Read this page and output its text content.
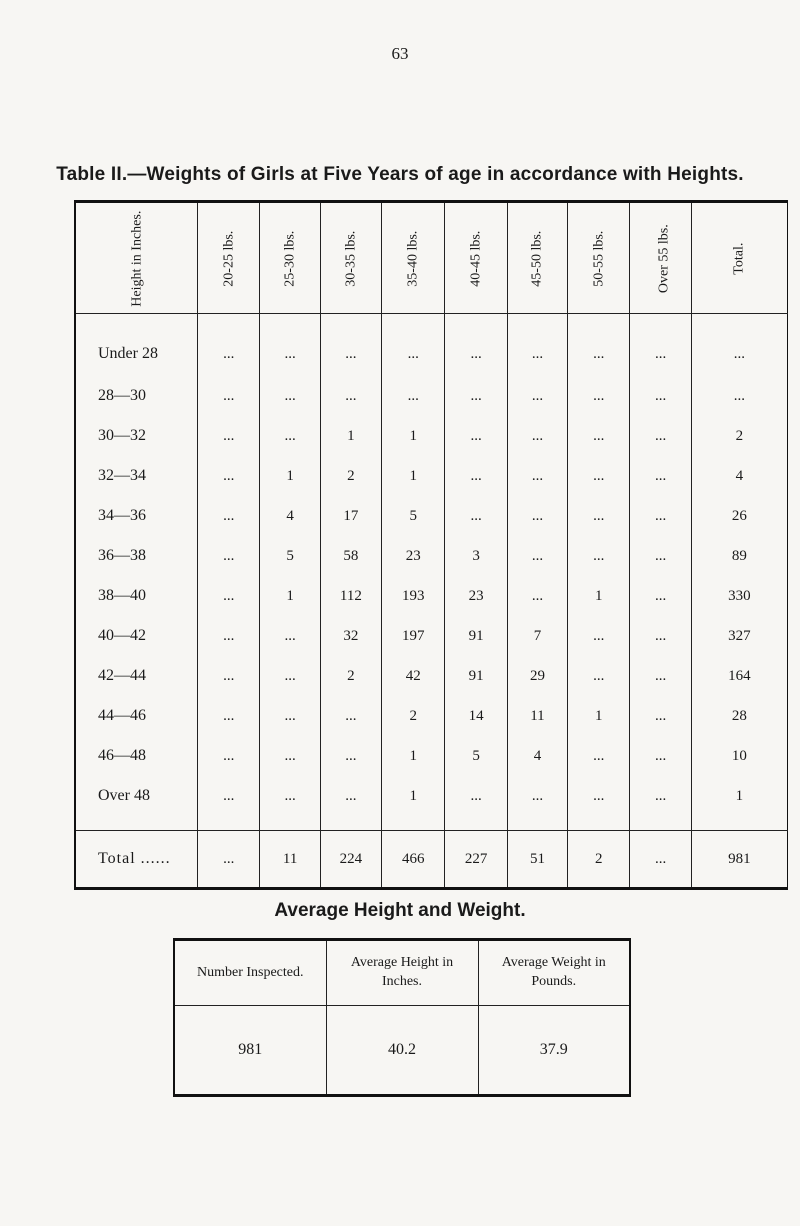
63
Table II.—Weights of Girls at Five Years of age in accordance with Heights.
Height in Inches.	20-25 lbs.	25-30 lbs.	30-35 lbs.	35-40 lbs.	40-45 lbs.	45-50 lbs.	50-55 lbs.	Over 55 lbs.	Total.
Under 28	...	...	...	...	...	...	...	...	...
28—30	...	...	...	...	...	...	...	...	...
30—32	...	...	1	1	...	...	...	...	2
32—34	...	1	2	1	...	...	...	...	4
34—36	...	4	17	5	...	...	...	...	26
36—38	...	5	58	23	3	...	...	...	89
38—40	...	1	112	193	23	...	1	...	330
40—42	...	...	32	197	91	7	...	...	327
42—44	...	...	2	42	91	29	...	...	164
44—46	...	...	...	2	14	11	1	...	28
46—48	...	...	...	1	5	4	...	...	10
Over 48	...	...	...	1	...	...	...	...	1
Total ......	...	11	224	466	227	51	2	...	981
Average Height and Weight.
Number Inspected.	Average Height in Inches.	Average Weight in Pounds.
981	40.2	37.9
